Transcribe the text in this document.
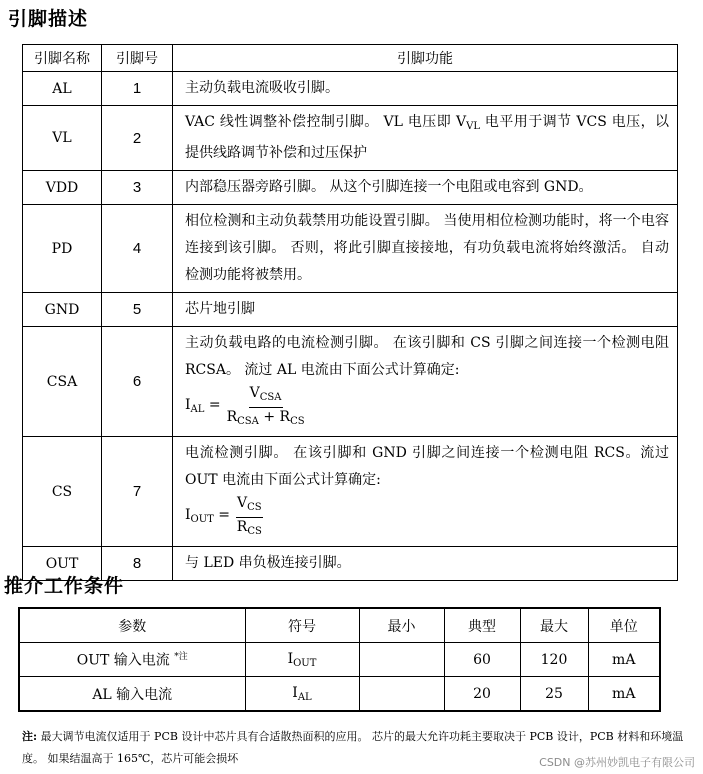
引脚描述
引脚名称	引脚号	引脚功能
AL	1	主动负载电流吸收引脚。
VL	2	VAC 线性调整补偿控制引脚。 VL 电压即 $V_{VL}$ 电平用于调节 VCS 电压，以提供线路调节补偿和过压保护
VDD	3	内部稳压器旁路引脚。 从这个引脚连接一个电阻或电容到 GND。
PD	4	相位检测和主动负载禁用功能设置引脚。 当使用相位检测功能时，将一个电容连接到该引脚。 否则，将此引脚直接接地，有功负载电流将始终激活。 自动检测功能将被禁用。
GND	5	芯片地引脚
CSA	6	主动负载电路的电流检测引脚。 在该引脚和 CS 引脚之间连接一个检测电阻 RCSA。 流过 AL 电流由下面公式计算确定:
$I_{AL} = \frac{V_{CSA}}{R_{CSA} + R_{CS}}$

CS	7	电流检测引脚。 在该引脚和 GND 引脚之间连接一个检测电阻 RCS。流过 OUT 电流由下面公式计算确定:
$I_{OUT} = \frac{V_{CS}}{R_{CS}}$

OUT	8	与 LED 串负极连接引脚。
推介工作条件
参数	符号	最小	典型	最大	单位
OUT 输入电流 $^{*注}$	$I_{OUT}$		60	120	mA
AL 输入电流	$I_{AL}$		20	25	mA
注: 最大调节电流仅适用于 PCB 设计中芯片具有合适散热面积的应用。 芯片的最大允许功耗主要取决于 PCB 设计，PCB 材料和环境温度。 如果结温高于 165℃，芯片可能会损坏	CSDN @苏州妙凯电子有限公司
